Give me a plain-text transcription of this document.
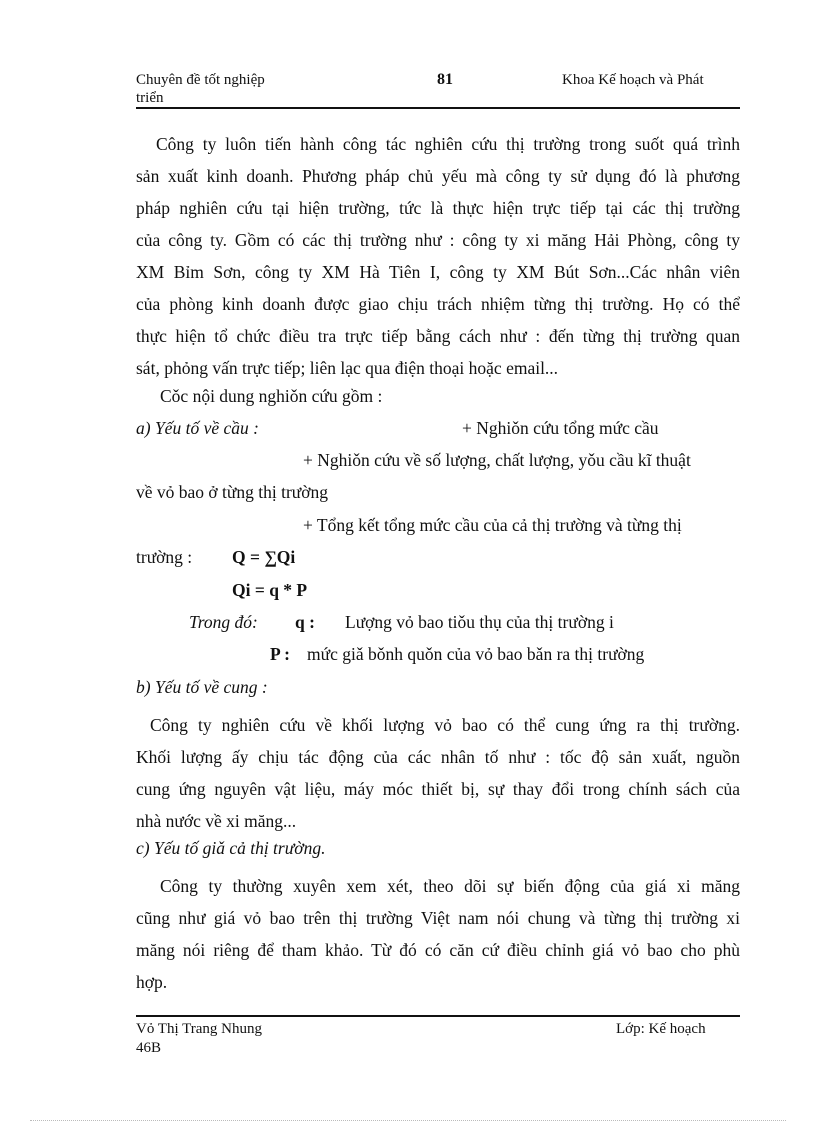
Chuyên đề tốt nghiệp
triển
81	Khoa Kế hoạch và Phát
Công ty luôn tiến hành công tác nghiên cứu thị trường trong suốt quá trình
sản xuất kinh doanh. Phương pháp chủ yếu mà công ty sử dụng đó là phương
pháp nghiên cứu tại hiện trường, tức là thực hiện trực tiếp tại các thị trường
của công ty. Gồm có các thị trường như : công ty xi măng Hải Phòng, công ty
XM Bỉm Sơn, công ty XM Hà Tiên I, công ty XM Bút Sơn...Các nhân viên
của phòng kinh doanh được giao chịu trách nhiệm từng thị trường. Họ có thể
thực hiện tổ chức điều tra trực tiếp bằng cách như : đến từng thị trường quan
sát, phỏng vấn trực tiếp; liên lạc qua điện thoại hoặc email...
Cǒc nội dung nghiǒn cứu gồm :
a) Yếu tố về cầu :	+ Nghiǒn cứu tổng mức cầu
+ Nghiǒn cứu về số lượng, chất lượng, yǒu cầu kĩ thuật
về vỏ bao ở từng thị trường
+ Tổng kết tổng mức cầu của cả thị trường và từng thị
trường : Q = ∑Qi
Qi = q * P
Trong đó: q : Lượng vỏ bao tiǒu thụ của thị trường i
P : mức giǎ bǒnh quǒn của vỏ bao bǎn ra thị trường
b) Yếu tố về cung :
Công ty nghiên cứu về khối lượng vỏ bao có thể cung ứng ra thị trường.
Khối lượng ấy chịu tác động của các nhân tố như : tốc độ sản xuất, nguồn
cung ứng nguyên vật liệu, máy móc thiết bị, sự thay đổi trong chính sách của
nhà nước về xi măng...
c) Yếu tố giǎ cả thị trường.
Công ty thường xuyên xem xét, theo dõi sự biến động của giá xi măng
cũng như giá vỏ bao trên thị trường Việt nam nói chung và từng thị trường xi
măng nói riêng để tham khảo. Từ đó có căn cứ điều chỉnh giá vỏ bao cho phù
hợp.
Vỏ Thị Trang Nhung
46B
Lớp: Kế hoạch
